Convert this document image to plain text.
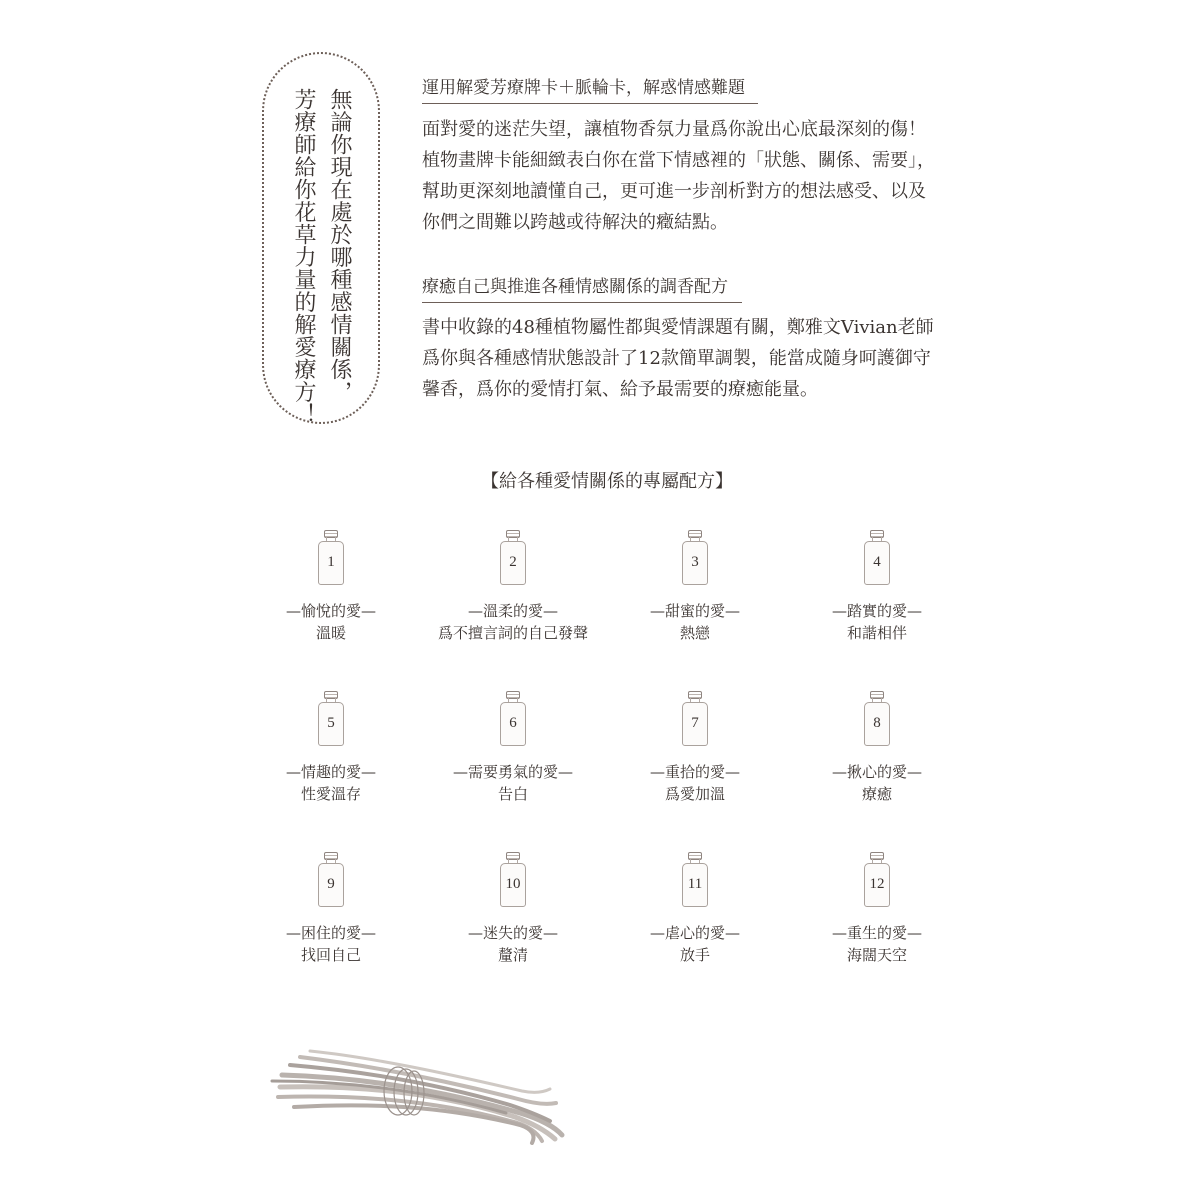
無論你現在處於哪種感情關係，
芳療師給你花草力量的解愛療方！	運用解愛芳療牌卡＋脈輪卡，解惑情感難題
面對愛的迷茫失望，讓植物香氛力量爲你說出心底最深刻的傷！
植物畫牌卡能細緻表白你在當下情感裡的「狀態、關係、需要」，
幫助更深刻地讀懂自己，更可進一步剖析對方的想法感受、以及
你們之間難以跨越或待解決的癥結點。
療癒自己與推進各種情感關係的調香配方
書中收錄的48種植物屬性都與愛情課題有關，鄭雅文Vivian老師
爲你與各種感情狀態設計了12款簡單調製，能當成隨身呵護御守
馨香，爲你的愛情打氣、給予最需要的療癒能量。
【給各種愛情關係的專屬配方】
1
—愉悅的愛—
溫暖
2
—溫柔的愛—
爲不擅言詞的自己發聲
3
—甜蜜的愛—
熱戀
4
—踏實的愛—
和諧相伴
5
—情趣的愛—
性愛溫存
6
—需要勇氣的愛—
告白
7
—重拾的愛—
爲愛加溫
8
—揪心的愛—
療癒
9
—困住的愛—
找回自己
10
—迷失的愛—
釐清
11
—虐心的愛—
放手
12
—重生的愛—
海闊天空
